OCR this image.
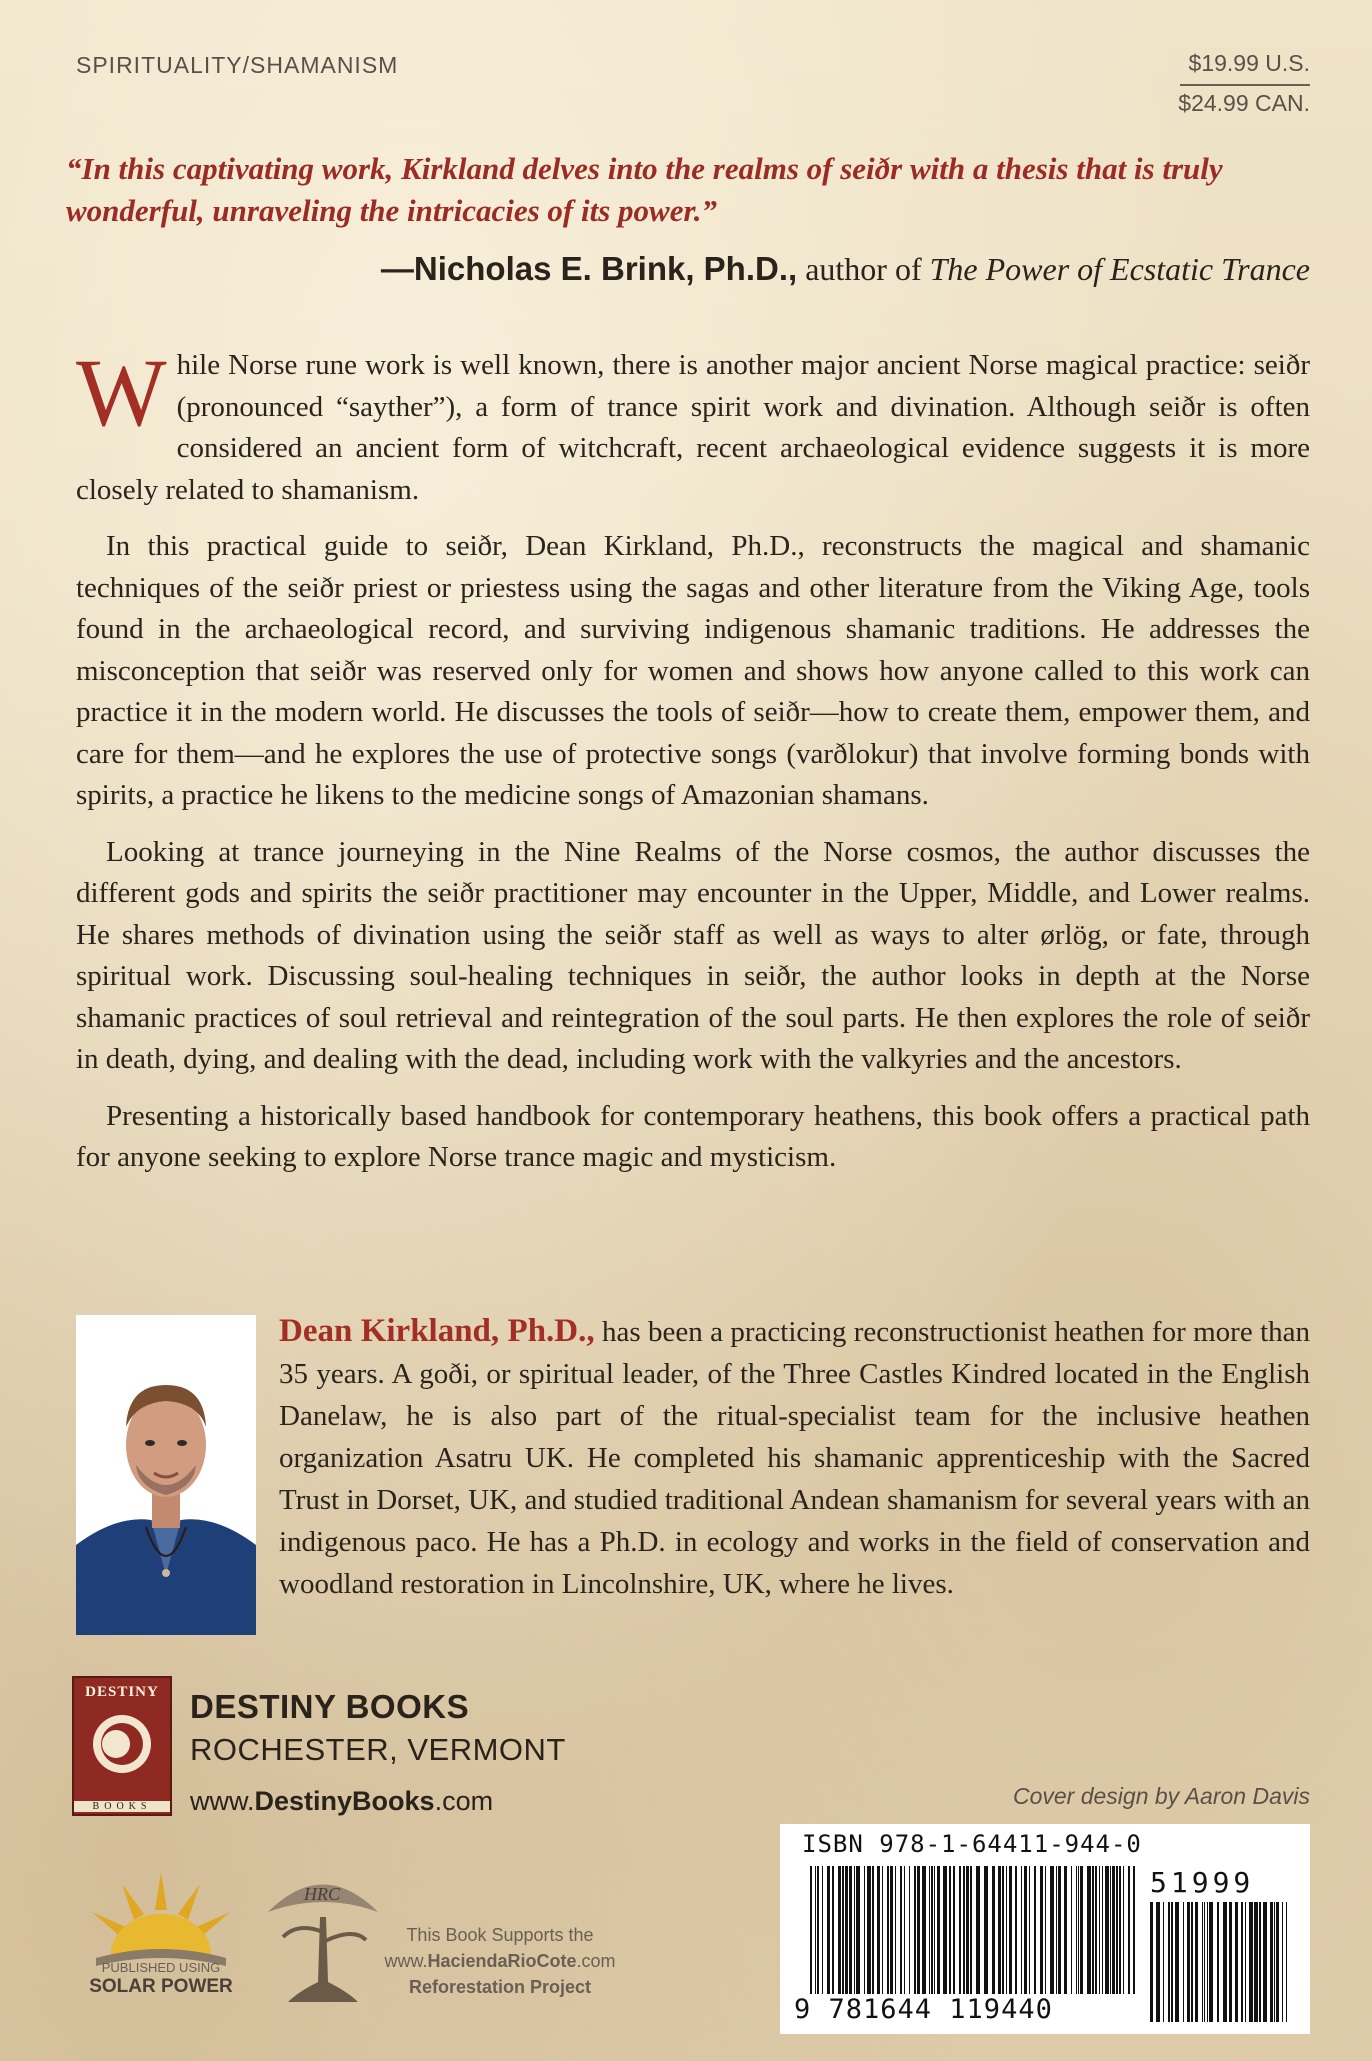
SPIRITUALITY/SHAMANISM	$19.99 U.S.
$24.99 CAN.
“In this captivating work, Kirkland delves into the realms of seiðr with a thesis that is truly wonderful, unraveling the intricacies of its power.”
—Nicholas E. Brink, Ph.D., author of The Power of Ecstatic Trance

While Norse rune work is well known, there is another major ancient Norse magical practice: seiðr (pronounced “sayther”), a form of trance spirit work and divination. Although seiðr is often considered an ancient form of witchcraft, recent archaeological evidence suggests it is more closely related to shamanism.

In this practical guide to seiðr, Dean Kirkland, Ph.D., reconstructs the magical and shamanic techniques of the seiðr priest or priestess using the sagas and other literature from the Viking Age, tools found in the archaeological record, and surviving indigenous shamanic traditions. He addresses the misconception that seiðr was reserved only for women and shows how anyone called to this work can practice it in the modern world. He discusses the tools of seiðr—how to create them, empower them, and care for them—and he explores the use of protective songs (varðlokur) that involve forming bonds with spirits, a practice he likens to the medicine songs of Amazonian shamans.

Looking at trance journeying in the Nine Realms of the Norse cosmos, the author discusses the different gods and spirits the seiðr practitioner may encounter in the Upper, Middle, and Lower realms. He shares methods of divination using the seiðr staff as well as ways to alter ørlög, or fate, through spiritual work. Discussing soul-healing techniques in seiðr, the author looks in depth at the Norse shamanic practices of soul retrieval and reintegration of the soul parts. He then explores the role of seiðr in death, dying, and dealing with the dead, including work with the valkyries and the ancestors.

Presenting a historically based handbook for contemporary heathens, this book offers a practical path for anyone seeking to explore Norse trance magic and mysticism.

Dean Kirkland, Ph.D., has been a practicing reconstructionist heathen for more than 35 years. A goði, or spiritual leader, of the Three Castles Kindred located in the English Danelaw, he is also part of the ritual-specialist team for the inclusive heathen organization Asatru UK. He completed his shamanic apprenticeship with the Sacred Trust in Dorset, UK, and studied traditional Andean shamanism for several years with an indigenous paco. He has a Ph.D. in ecology and works in the field of conservation and woodland restoration in Lincolnshire, UK, where he lives.
DESTINY
BOOKS
DESTINY BOOKS
ROCHESTER, VERMONT
www.DestinyBooks.com	Cover design by Aaron Davis
ISBN 978-1-64411-944-0
51999
9 781644 119440
PUBLISHED USING
SOLAR POWER
HRC
This Book Supports the
www.HaciendaRioCote.com
Reforestation Project
